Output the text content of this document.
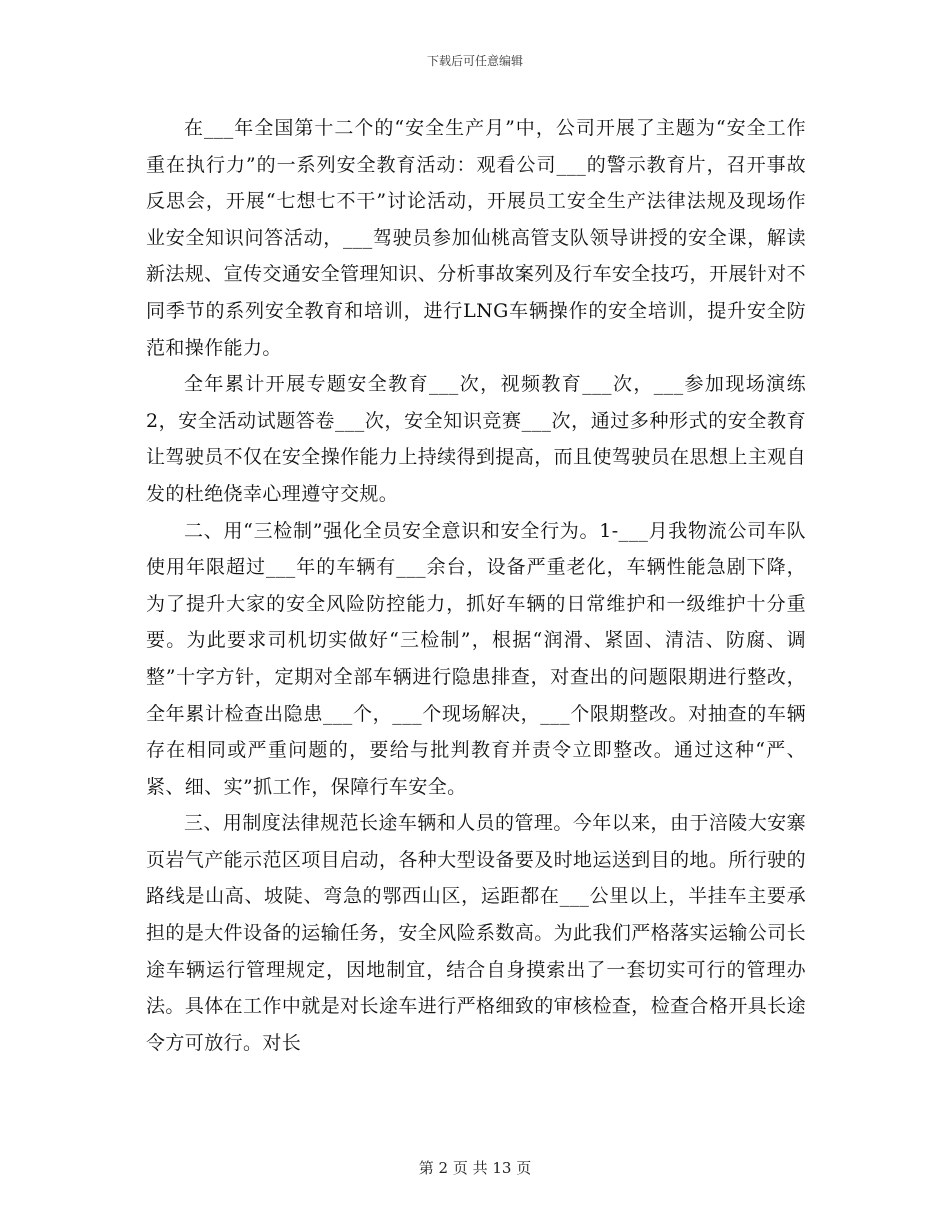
下载后可任意编辑

在___年全国第十二个的“安全生产月”中，公司开展了主题为“安全工作重在执行力”的一系列安全教育活动：观看公司___的警示教育片，召开事故反思会，开展“七想七不干”讨论活动，开展员工安全生产法律法规及现场作业安全知识问答活动，___驾驶员参加仙桃高管支队领导讲授的安全课，解读新法规、宣传交通安全管理知识、分析事故案列及行车安全技巧，开展针对不同季节的系列安全教育和培训，进行LNG车辆操作的安全培训，提升安全防范和操作能力。

全年累计开展专题安全教育___次，视频教育___次，___参加现场演练2，安全活动试题答卷___次，安全知识竞赛___次，通过多种形式的安全教育让驾驶员不仅在安全操作能力上持续得到提高，而且使驾驶员在思想上主观自发的杜绝侥幸心理遵守交规。

二、用“三检制”强化全员安全意识和安全行为。1-___月我物流公司车队使用年限超过___年的车辆有___余台，设备严重老化，车辆性能急剧下降，为了提升大家的安全风险防控能力，抓好车辆的日常维护和一级维护十分重要。为此要求司机切实做好“三检制”，根据“润滑、紧固、清洁、防腐、调整”十字方针，定期对全部车辆进行隐患排查，对查出的问题限期进行整改，全年累计检查出隐患___个，___个现场解决，___个限期整改。对抽查的车辆存在相同或严重问题的，要给与批判教育并责令立即整改。通过这种“严、紧、细、实”抓工作，保障行车安全。

三、用制度法律规范长途车辆和人员的管理。今年以来，由于涪陵大安寨页岩气产能示范区项目启动，各种大型设备要及时地运送到目的地。所行驶的路线是山高、坡陡、弯急的鄂西山区，运距都在___公里以上，半挂车主要承担的是大件设备的运输任务，安全风险系数高。为此我们严格落实运输公司长途车辆运行管理规定，因地制宜，结合自身摸索出了一套切实可行的管理办法。具体在工作中就是对长途车进行严格细致的审核检查，检查合格开具长途令方可放行。对长

第 2 页 共 13 页
